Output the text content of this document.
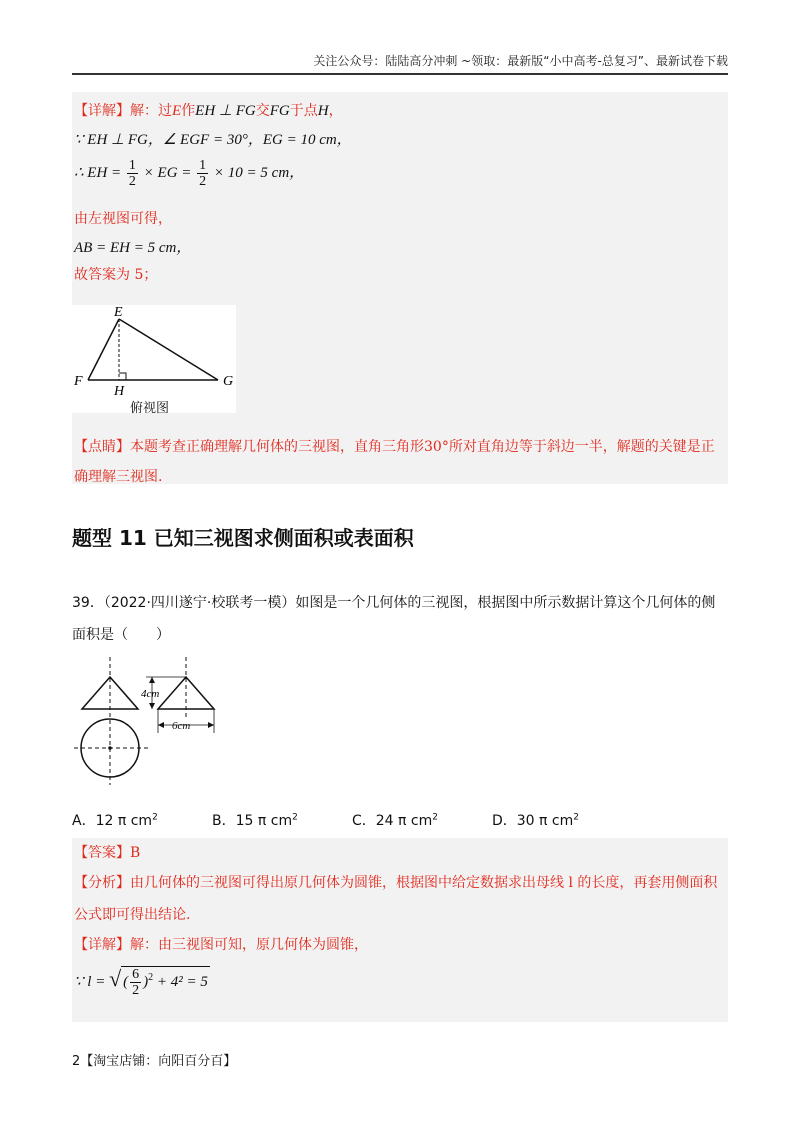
关注公众号：陆陆高分冲刺 ~领取：最新版“小中高考-总复习”、最新试卷下载
【详解】解：过E作EH ⊥ FG交FG于点H，
∵ EH ⊥ FG，∠ EGF = 30°，EG = 10 cm，
∴ EH = $\frac{1}{2}$ × EG = $\frac{1}{2} \times 10 = 5$ cm，
由左视图可得，
AB = EH = 5 cm，
故答案为 5；
【点睛】本题考查正确理解几何体的三视图，直角三角形30°所对直角边等于斜边一半，解题的关键是正
确理解三视图.
E
F	G
H
俯视图
题型 11 已知三视图求侧面积或表面积
39．（2022·四川遂宁·校联考一模）如图是一个几何体的三视图，根据图中所示数据计算这个几何体的侧
面积是（　　）
4cm
6cm
A．12 π $cm^2$	B．15 π $cm^2$	C．24 π $cm^2$	D．30 π $cm^2$
【答案】B
【分析】由几何体的三视图可得出原几何体为圆锥，根据图中给定数据求出母线 l 的长度，再套用侧面积
公式即可得出结论.
【详解】解：由三视图可知，原几何体为圆锥，
∵ l = √ ( $\frac{6}{2} )^2 + 4^2 = 5$
2【淘宝店铺：向阳百分百】
